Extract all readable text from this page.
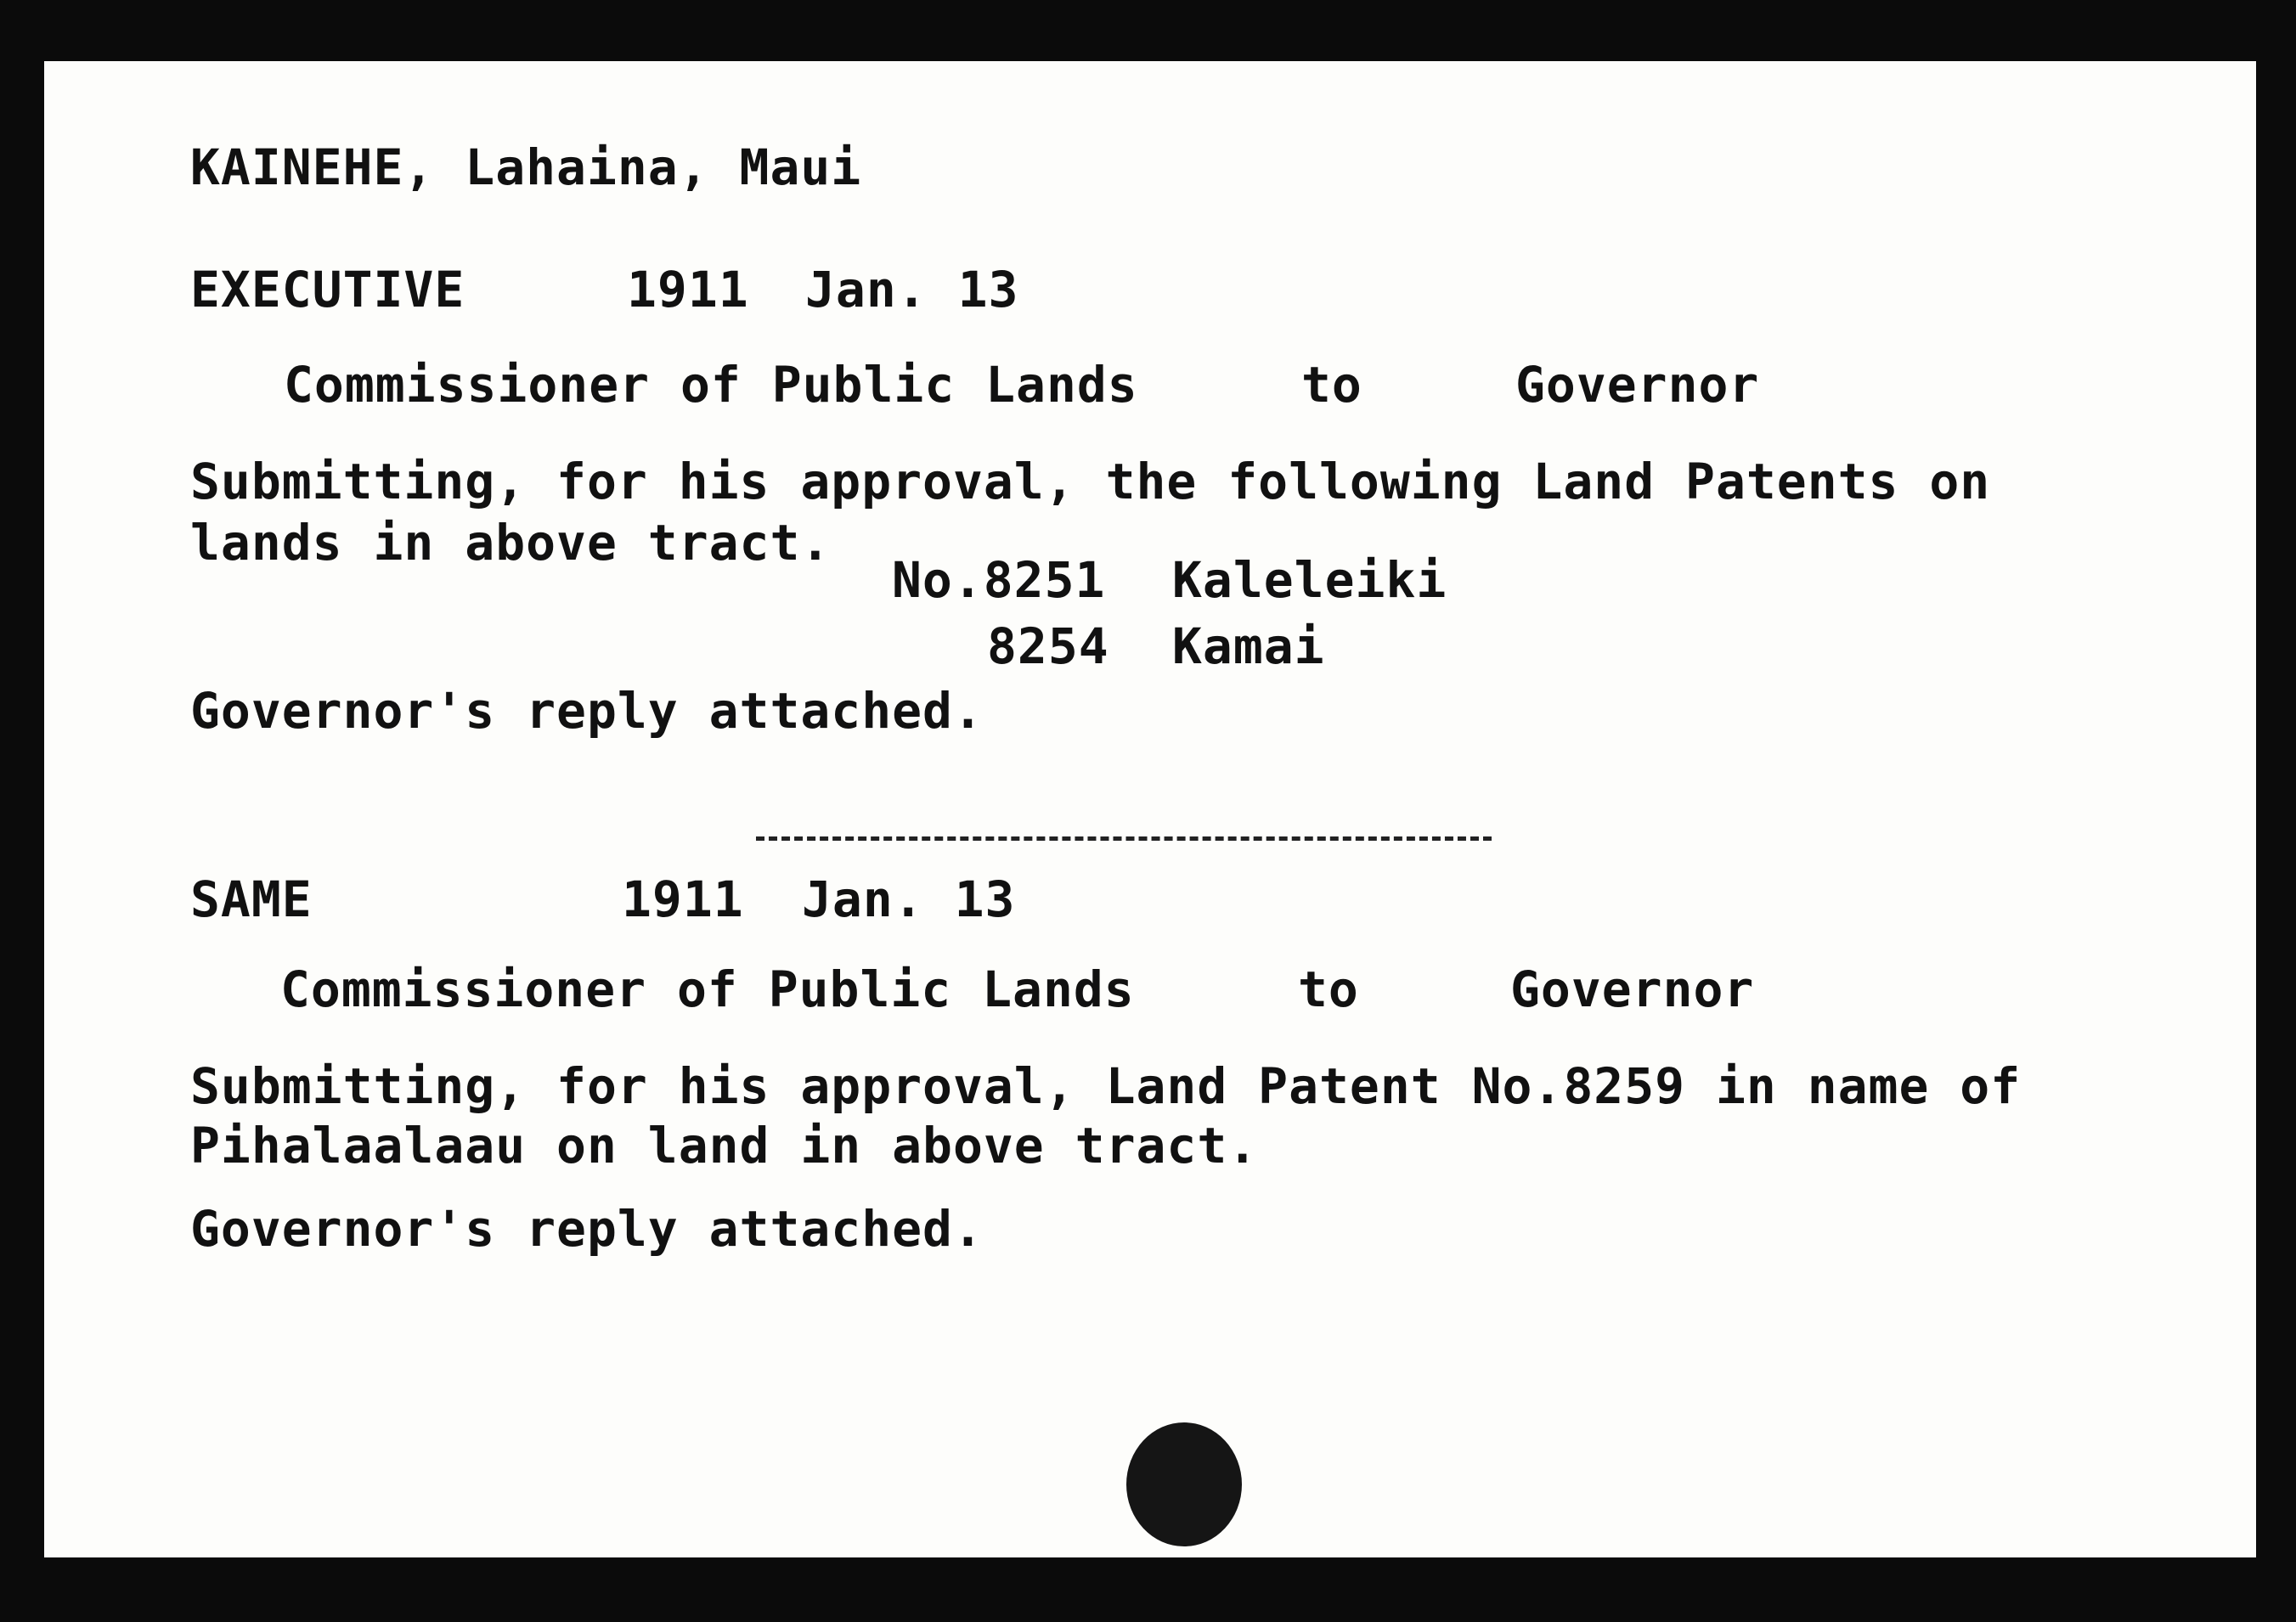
KAINEHE, Lahaina, Maui
EXECUTIVE	1911 Jan. 13
Commissioner of Public Lands	to	Governor
Submitting, for his approval, the following Land Patents on
lands in above tract.
No.8251 Kaleleiki
8254 Kamai
Governor's reply attached.
SAME	1911 Jan. 13
Commissioner of Public Lands	to	Governor
Submitting, for his approval, Land Patent No.8259 in name of
Pihalaalaau on land in above tract.
Governor's reply attached.
